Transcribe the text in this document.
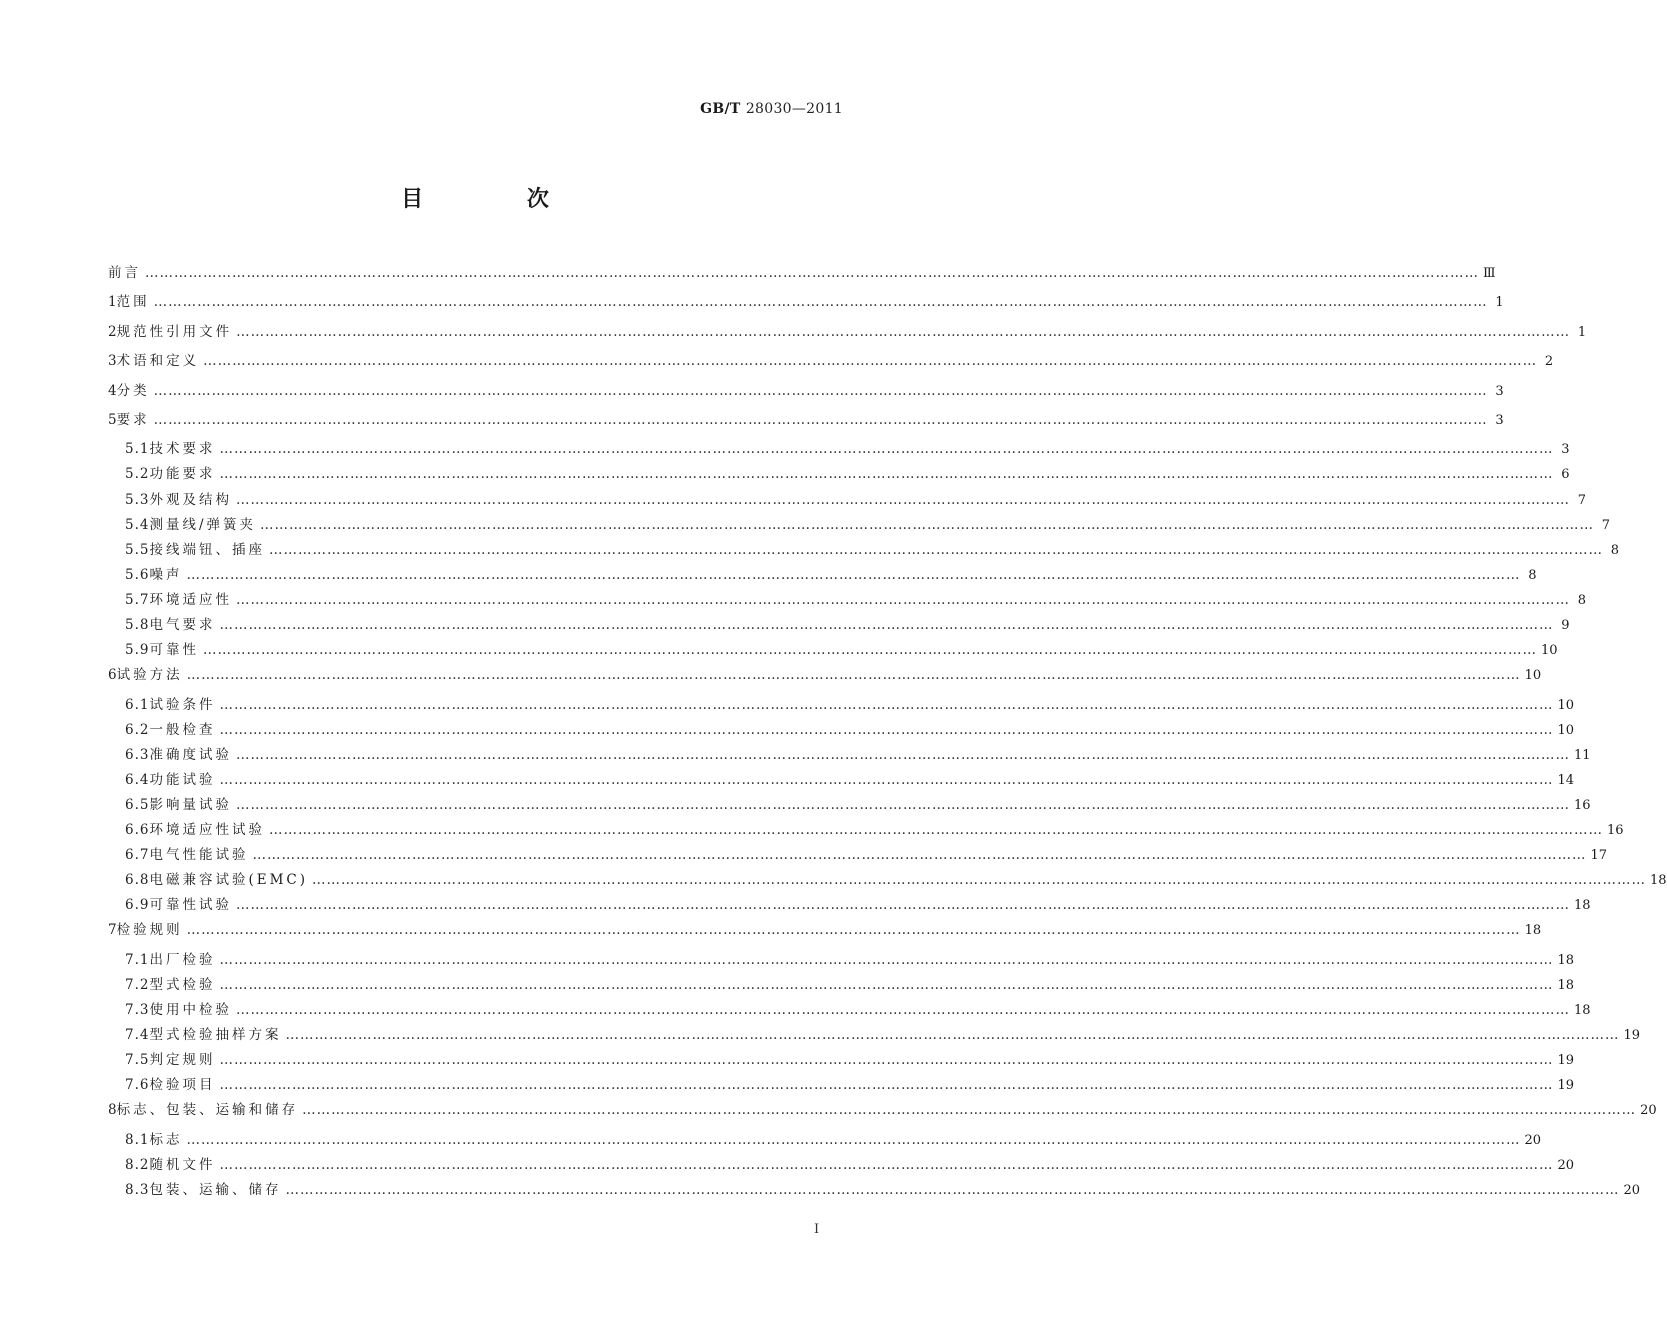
GB/T 28030—2011
目 次
前言 ……………………………………………………………………………………………………………………………………………………………………………………………………………………………………………………	Ⅲ
1 范围 ……………………………………………………………………………………………………………………………………………………………………………………………………………………………………………………	1
2 规范性引用文件 ……………………………………………………………………………………………………………………………………………………………………………………………………………………………………………………	1
3 术语和定义 ……………………………………………………………………………………………………………………………………………………………………………………………………………………………………………………	2
4 分类 ……………………………………………………………………………………………………………………………………………………………………………………………………………………………………………………	3
5 要求 ……………………………………………………………………………………………………………………………………………………………………………………………………………………………………………………	3
5.1 技术要求 ……………………………………………………………………………………………………………………………………………………………………………………………………………………………………………………	3
5.2 功能要求 ……………………………………………………………………………………………………………………………………………………………………………………………………………………………………………………	6
5.3 外观及结构 ……………………………………………………………………………………………………………………………………………………………………………………………………………………………………………………	7
5.4 测量线/弹簧夹 ……………………………………………………………………………………………………………………………………………………………………………………………………………………………………………………	7
5.5 接线端钮、插座 ……………………………………………………………………………………………………………………………………………………………………………………………………………………………………………………	8
5.6 噪声 ……………………………………………………………………………………………………………………………………………………………………………………………………………………………………………………	8
5.7 环境适应性 ……………………………………………………………………………………………………………………………………………………………………………………………………………………………………………………	8
5.8 电气要求 ……………………………………………………………………………………………………………………………………………………………………………………………………………………………………………………	9
5.9 可靠性 ……………………………………………………………………………………………………………………………………………………………………………………………………………………………………………………	10
6 试验方法 ……………………………………………………………………………………………………………………………………………………………………………………………………………………………………………………	10
6.1 试验条件 ……………………………………………………………………………………………………………………………………………………………………………………………………………………………………………………	10
6.2 一般检查 ……………………………………………………………………………………………………………………………………………………………………………………………………………………………………………………	10
6.3 准确度试验 ……………………………………………………………………………………………………………………………………………………………………………………………………………………………………………………	11
6.4 功能试验 ……………………………………………………………………………………………………………………………………………………………………………………………………………………………………………………	14
6.5 影响量试验 ……………………………………………………………………………………………………………………………………………………………………………………………………………………………………………………	16
6.6 环境适应性试验 ……………………………………………………………………………………………………………………………………………………………………………………………………………………………………………………	16
6.7 电气性能试验 ……………………………………………………………………………………………………………………………………………………………………………………………………………………………………………………	17
6.8 电磁兼容试验(EMC) ……………………………………………………………………………………………………………………………………………………………………………………………………………………………………………………	18
6.9 可靠性试验 ……………………………………………………………………………………………………………………………………………………………………………………………………………………………………………………	18
7 检验规则 ……………………………………………………………………………………………………………………………………………………………………………………………………………………………………………………	18
7.1 出厂检验 ……………………………………………………………………………………………………………………………………………………………………………………………………………………………………………………	18
7.2 型式检验 ……………………………………………………………………………………………………………………………………………………………………………………………………………………………………………………	18
7.3 使用中检验 ……………………………………………………………………………………………………………………………………………………………………………………………………………………………………………………	18
7.4 型式检验抽样方案 ……………………………………………………………………………………………………………………………………………………………………………………………………………………………………………………	19
7.5 判定规则 ……………………………………………………………………………………………………………………………………………………………………………………………………………………………………………………	19
7.6 检验项目 ……………………………………………………………………………………………………………………………………………………………………………………………………………………………………………………	19
8 标志、包装、运输和储存 ……………………………………………………………………………………………………………………………………………………………………………………………………………………………………………………	20
8.1 标志 ……………………………………………………………………………………………………………………………………………………………………………………………………………………………………………………	20
8.2 随机文件 ……………………………………………………………………………………………………………………………………………………………………………………………………………………………………………………	20
8.3 包装、运输、储存 ……………………………………………………………………………………………………………………………………………………………………………………………………………………………………………………	20
I
